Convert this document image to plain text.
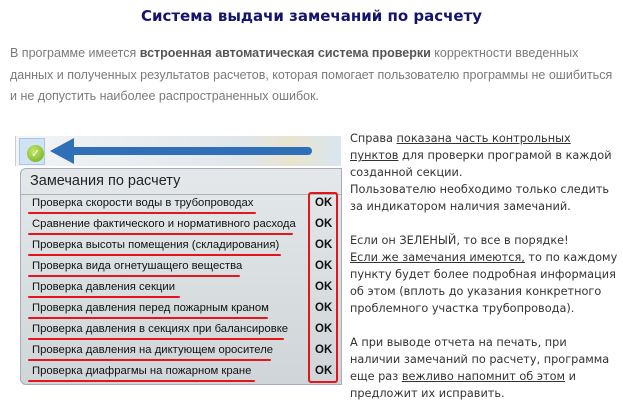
Система выдачи замечаний по расчету
В программе имеется встроенная автоматическая система проверки корректности введенных данных и полученных результатов расчетов, которая помогает пользователю программы не ошибиться и не допустить наиболее распространенных ошибок.
✓
Замечания по расчету
Проверка скорости воды в трубопроводах	OK
Сравнение фактического и нормативного расхода OK
Проверка высоты помещения (складирования)	OK
Проверка вида огнетушащего вещества	OK
Проверка давления секции	OK
Проверка давления перед пожарным краном	OK
Проверка давления в секциях при балансировке OK
Проверка давления на диктующем оросителе	OK
Проверка диафрагмы на пожарном кране	OK

Справа показана часть контрольных пунктов для проверки програмой в каждой созданной секции.
Пользователю необходимо только следить за индикатором наличия замечаний.

Если он ЗЕЛЕНЫЙ, то все в порядке!
Если же замечания имеются, то по каждому пункту будет более подробная информация об этом (вплоть до указания конкретного проблемного участка трубопровода).

А при выводе отчета на печать, при наличии замечаний по расчету, программа еще раз вежливо напомнит об этом и предложит их исправить.
